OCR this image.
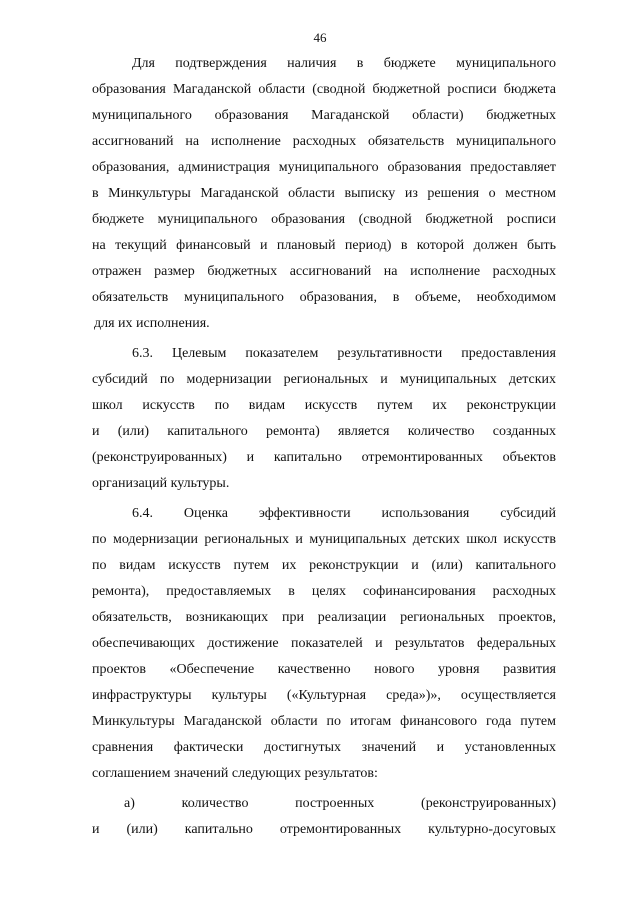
46
Для подтверждения наличия в бюджете муниципального
образования Магаданской области (сводной бюджетной росписи бюджета
муниципального образования Магаданской области) бюджетных
ассигнований на исполнение расходных обязательств муниципального
образования, администрация муниципального образования предоставляет
в Минкультуры Магаданской области выписку из решения о местном
бюджете муниципального образования (сводной бюджетной росписи
на текущий финансовый и плановый период) в которой должен быть
отражен размер бюджетных ассигнований на исполнение расходных
обязательств муниципального образования, в объеме, необходимом
для их исполнения.
6.3. Целевым показателем результативности предоставления
субсидий по модернизации региональных и муниципальных детских
школ искусств по видам искусств путем их реконструкции
и (или) капитального ремонта) является количество созданных
(реконструированных) и капитально отремонтированных объектов
организаций культуры.
6.4. Оценка эффективности использования субсидий
по модернизации региональных и муниципальных детских школ искусств
по видам искусств путем их реконструкции и (или) капитального
ремонта), предоставляемых в целях софинансирования расходных
обязательств, возникающих при реализации региональных проектов,
обеспечивающих достижение показателей и результатов федеральных
проектов «Обеспечение качественно нового уровня развития
инфраструктуры культуры («Культурная среда»)», осуществляется
Минкультуры Магаданской области по итогам финансового года путем
сравнения фактически достигнутых значений и установленных
соглашением значений следующих результатов:
а) количество построенных (реконструированных)
и (или) капитально отремонтированных культурно-досуговых
